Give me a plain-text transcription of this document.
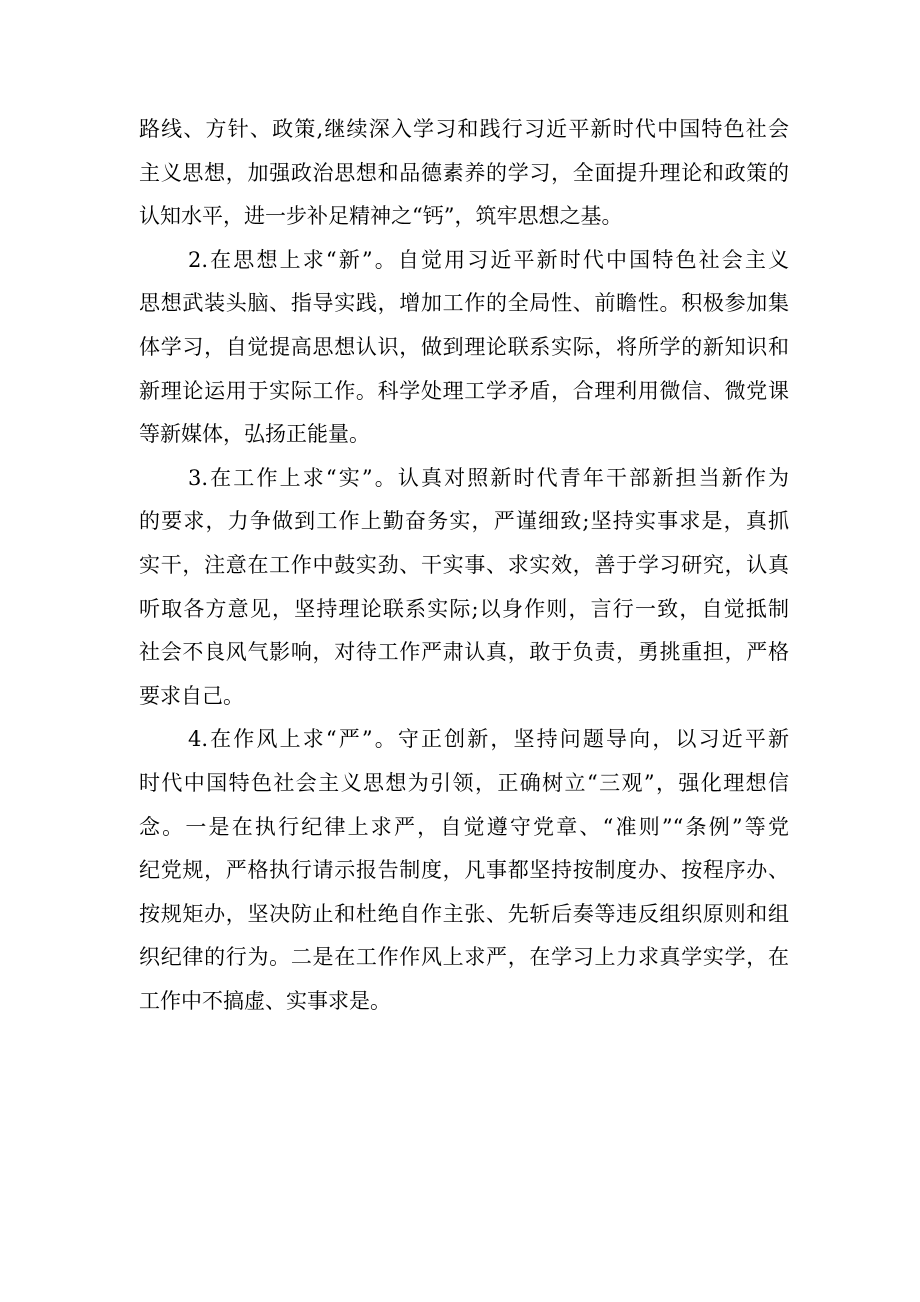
路线、方针、政策,继续深入学习和践行习近平新时代中国特色社会
主义思想，加强政治思想和品德素养的学习，全面提升理论和政策的
认知水平，进一步补足精神之“钙”，筑牢思想之基。
2.在思想上求“新”。自觉用习近平新时代中国特色社会主义
思想武装头脑、指导实践，增加工作的全局性、前瞻性。积极参加集
体学习，自觉提高思想认识，做到理论联系实际，将所学的新知识和
新理论运用于实际工作。科学处理工学矛盾，合理利用微信、微党课
等新媒体，弘扬正能量。
3.在工作上求“实”。认真对照新时代青年干部新担当新作为
的要求，力争做到工作上勤奋务实，严谨细致;坚持实事求是，真抓
实干，注意在工作中鼓实劲、干实事、求实效，善于学习研究，认真
听取各方意见，坚持理论联系实际;以身作则，言行一致，自觉抵制
社会不良风气影响，对待工作严肃认真，敢于负责，勇挑重担，严格
要求自己。
4.在作风上求“严”。守正创新，坚持问题导向，以习近平新
时代中国特色社会主义思想为引领，正确树立“三观”，强化理想信
念。一是在执行纪律上求严，自觉遵守党章、“准则”“条例”等党
纪党规，严格执行请示报告制度，凡事都坚持按制度办、按程序办、
按规矩办，坚决防止和杜绝自作主张、先斩后奏等违反组织原则和组
织纪律的行为。二是在工作作风上求严，在学习上力求真学实学，在
工作中不搞虚、实事求是。
